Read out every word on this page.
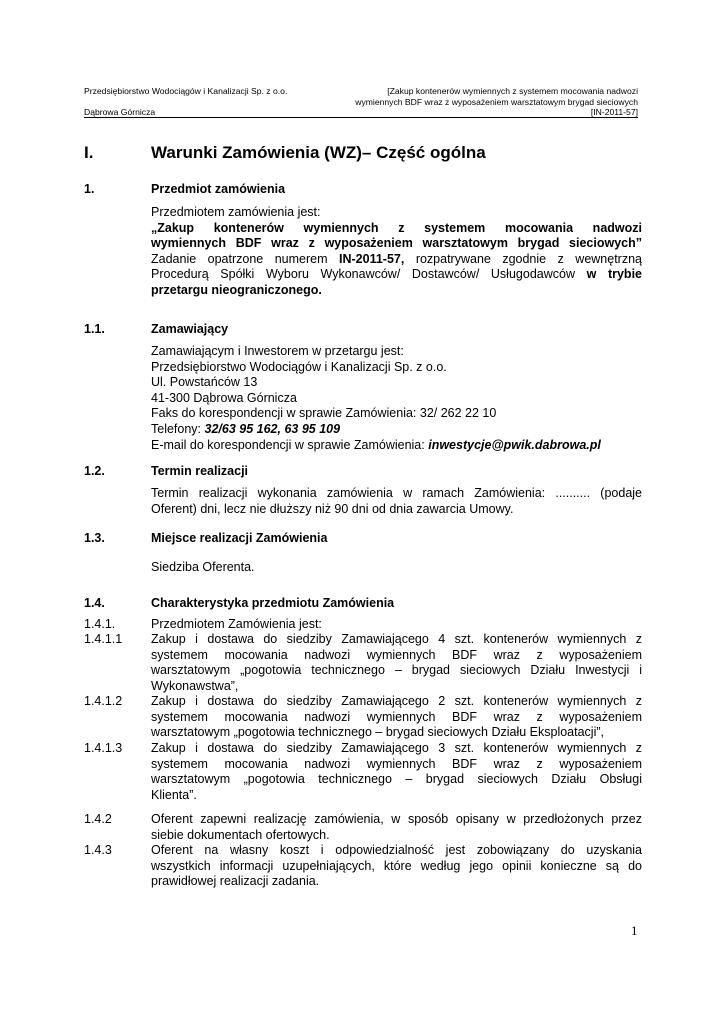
Przedsiębiorstwo Wodociągów i Kanalizacji Sp. z o.o.	[Zakup kontenerów wymiennych z systemem mocowania nadwozi
wymiennych BDF wraz z wyposażeniem warsztatowym brygad sieciowych
Dąbrowa Górnicza	[IN-2011-57]
I.	Warunki Zamówienia (WZ)– Część ogólna
1.	Przedmiot zamówienia
Przedmiotem zamówienia jest:
„Zakup kontenerów wymiennych z systemem mocowania nadwozi
wymiennych BDF wraz z wyposażeniem warsztatowym brygad sieciowych”
Zadanie opatrzone numerem IN-2011-57, rozpatrywane zgodnie z wewnętrzną
Procedurą Spółki Wyboru Wykonawców/ Dostawców/ Usługodawców w trybie
przetargu nieograniczonego.
1.1.	Zamawiający
Zamawiającym i Inwestorem w przetargu jest:
Przedsiębiorstwo Wodociągów i Kanalizacji Sp. z o.o.
Ul. Powstańców 13
41-300 Dąbrowa Górnicza
Faks do korespondencji w sprawie Zamówienia: 32/ 262 22 10
Telefony: 32/63 95 162, 63 95 109
E-mail do korespondencji w sprawie Zamówienia: inwestycje@pwik.dabrowa.pl
1.2.	Termin realizacji
Termin realizacji wykonania zamówienia w ramach Zamówienia: .......... (podaje
Oferent) dni, lecz nie dłuższy niż 90 dni od dnia zawarcia Umowy.
1.3.	Miejsce realizacji Zamówienia
Siedziba Oferenta.
1.4.	Charakterystyka przedmiotu Zamówienia
1.4.1.	Przedmiotem Zamówienia jest:
1.4.1.1 Zakup i dostawa do siedziby Zamawiającego 4 szt. kontenerów wymiennych z
systemem mocowania nadwozi wymiennych BDF wraz z wyposażeniem
warsztatowym „pogotowia technicznego – brygad sieciowych Działu Inwestycji i
Wykonawstwa”,
1.4.1.2 Zakup i dostawa do siedziby Zamawiającego 2 szt. kontenerów wymiennych z
systemem mocowania nadwozi wymiennych BDF wraz z wyposażeniem
warsztatowym „pogotowia technicznego – brygad sieciowych Działu Eksploatacji”,
1.4.1.3 Zakup i dostawa do siedziby Zamawiającego 3 szt. kontenerów wymiennych z
systemem mocowania nadwozi wymiennych BDF wraz z wyposażeniem
warsztatowym „pogotowia technicznego – brygad sieciowych Działu Obsługi
Klienta”.
1.4.2	Oferent zapewni realizację zamówienia, w sposób opisany w przedłożonych przez
siebie dokumentach ofertowych.
1.4.3	Oferent na własny koszt i odpowiedzialność jest zobowiązany do uzyskania
wszystkich informacji uzupełniających, które według jego opinii konieczne są do
prawidłowej realizacji zadania.
1
